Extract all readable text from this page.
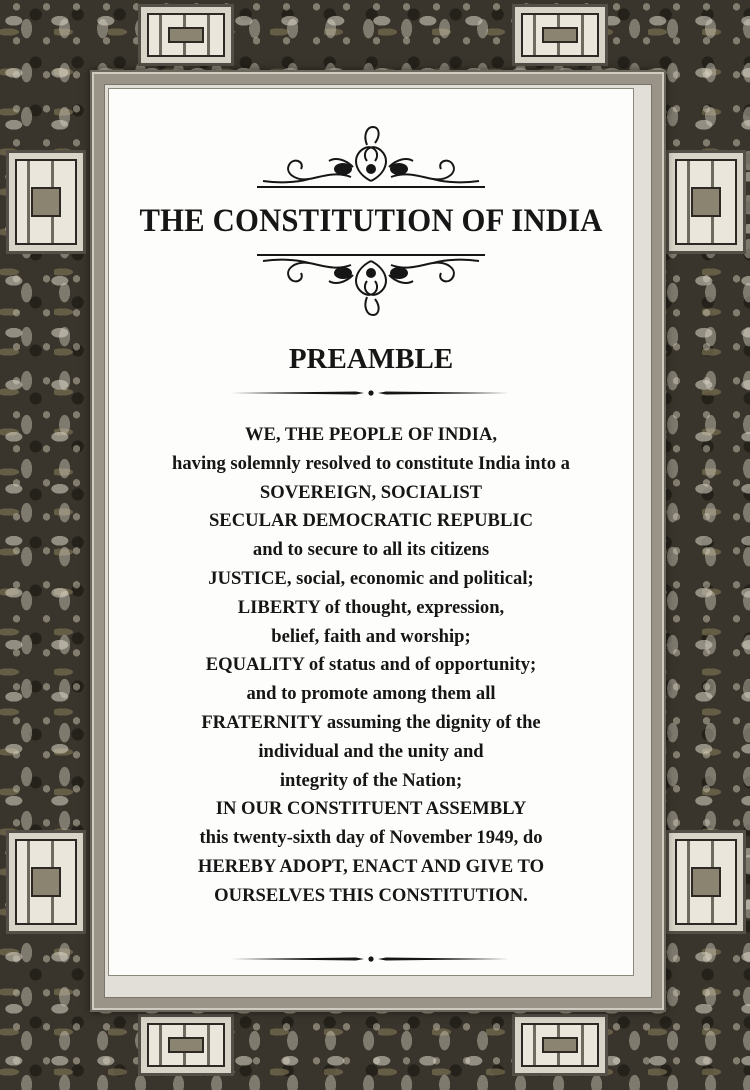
THE CONSTITUTION OF INDIA
PREAMBLE
WE, THE PEOPLE OF INDIA,
having solemnly resolved to constitute India into a
SOVEREIGN, SOCIALIST
SECULAR DEMOCRATIC REPUBLIC
and to secure to all its citizens
JUSTICE, social, economic and political;
LIBERTY of thought, expression,
belief, faith and worship;
EQUALITY of status and of opportunity;
and to promote among them all
FRATERNITY assuming the dignity of the
individual and the unity and
integrity of the Nation;
IN OUR CONSTITUENT ASSEMBLY
this twenty-sixth day of November 1949, do
HEREBY ADOPT, ENACT AND GIVE TO
OURSELVES THIS CONSTITUTION.
